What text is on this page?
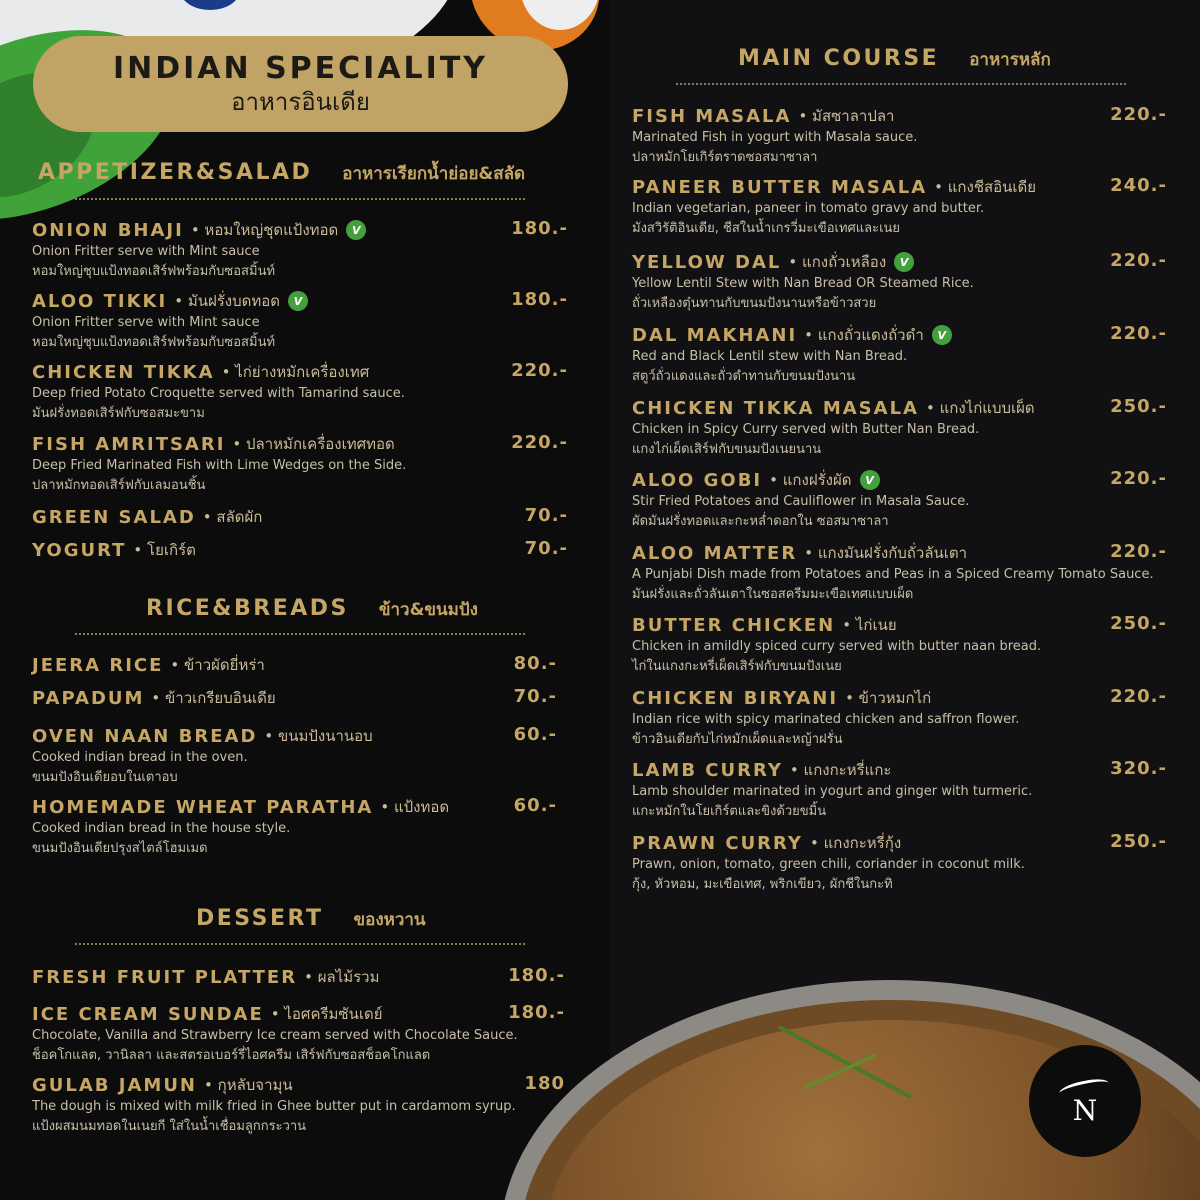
INDIAN SPECIALITY
อาหารอินเดีย
APPETIZER&SALAD อาหารเรียกน้ำย่อย&สลัด
ONION BHAJI • หอมใหญ่ชุดแป้งทอด	V	180.-
Onion Fritter serve with Mint sauce
หอมใหญ่ชุบแป้งทอดเสิร์ฟพร้อมกับซอสมิ้นท์
ALOO TIKKI • มันฝรั่งบดทอด	V	180.-
Onion Fritter serve with Mint sauce
หอมใหญ่ชุบแป้งทอดเสิร์ฟพร้อมกับซอสมิ้นท์
CHICKEN TIKKA • ไก่ย่างหมักเครื่องเทศ	220.-
Deep fried Potato Croquette served with Tamarind sauce.
มันฝรั่งทอดเสิร์ฟกับซอสมะขาม
FISH AMRITSARI • ปลาหมักเครื่องเทศทอด	220.-
Deep Fried Marinated Fish with Lime Wedges on the Side.
ปลาหมักทอดเสิร์ฟกับเลมอนชิ้น
GREEN SALAD • สลัดผัก	70.-
YOGURT • โยเกิร์ต	70.-
RICE&BREADS ข้าว&ขนมปัง
JEERA RICE • ข้าวผัดยี่หร่า	80.-
PAPADUM • ข้าวเกรียบอินเดีย	70.-
OVEN NAAN BREAD • ขนมปังนานอบ	60.-
Cooked indian bread in the oven.
ขนมปังอินเดียอบในเตาอบ
HOMEMADE WHEAT PARATHA • แป้งทอด	60.-
Cooked indian bread in the house style.
ขนมปังอินเดียปรุงสไตล์โฮมเมด
DESSERT ของหวาน
FRESH FRUIT PLATTER • ผลไม้รวม	180.-
ICE CREAM SUNDAE • ไอศครีมซันเดย์	180.-
Chocolate, Vanilla and Strawberry Ice cream served with Chocolate Sauce.
ช็อคโกแลต, วานิลลา และสตรอเบอร์รี่ไอศครีม เสิร์ฟกับซอสช็อคโกแลต
GULAB JAMUN • กุหลับจามุน	180
The dough is mixed with milk fried in Ghee butter put in cardamom syrup.
แป้งผสมนมทอดในเนยกี ใส่ในน้ำเชื่อมลูกกระวาน
MAIN COURSE อาหารหลัก
FISH MASALA • มัสซาลาปลา	220.-
Marinated Fish in yogurt with Masala sauce.
ปลาหมักโยเกิร์ตราดซอสมาซาลา
PANEER BUTTER MASALA • แกงชีสอินเดีย	240.-
Indian vegetarian, paneer in tomato gravy and butter.
มังสวิรัติอินเดีย, ชีสในน้ำเกรวี่มะเขือเทศและเนย
YELLOW DAL • แกงถั่วเหลือง	V	220.-
Yellow Lentil Stew with Nan Bread OR Steamed Rice.
ถั่วเหลืองตุ๋นทานกับขนมปังนานหรือข้าวสวย
DAL MAKHANI • แกงถั่วแดงถั่วดำ	V	220.-
Red and Black Lentil stew with Nan Bread.
สตูว์ถั่วแดงและถั่วดำทานกับขนมปังนาน
CHICKEN TIKKA MASALA • แกงไก่แบบเผ็ด	250.-
Chicken in Spicy Curry served with Butter Nan Bread.
แกงไก่เผ็ดเสิร์ฟกับขนมปังเนยนาน
ALOO GOBI • แกงฝรั่งผัด	V	220.-
Stir Fried Potatoes and Cauliflower in Masala Sauce.
ผัดมันฝรั่งทอดและกะหล่ำดอกใน ซอสมาซาลา
ALOO MATTER • แกงมันฝรั่งกับถั่วลันเตา	220.-
A Punjabi Dish made from Potatoes and Peas in a Spiced Creamy Tomato Sauce.
มันฝรั่งและถั่วลันเตาในซอสครีมมะเขือเทศแบบเผ็ด
BUTTER CHICKEN • ไก่เนย	250.-
Chicken in amildly spiced curry served with butter naan bread.
ไก่ในแกงกะหรี่เผ็ดเสิร์ฟกับขนมปังเนย
CHICKEN BIRYANI • ข้าวหมกไก่	220.-
Indian rice with spicy marinated chicken and saffron flower.
ข้าวอินเดียกับไก่หมักเผ็ดและหญ้าฝรั่น
LAMB CURRY • แกงกะหรี่แกะ	320.-
Lamb shoulder marinated in yogurt and ginger with turmeric.
แกะหมักในโยเกิร์ตและขิงด้วยขมิ้น
PRAWN CURRY • แกงกะหรี่กุ้ง	250.-
Prawn, onion, tomato, green chili, coriander in coconut milk.
กุ้ง, หัวหอม, มะเขือเทศ, พริกเขียว, ผักชีในกะทิ
N
